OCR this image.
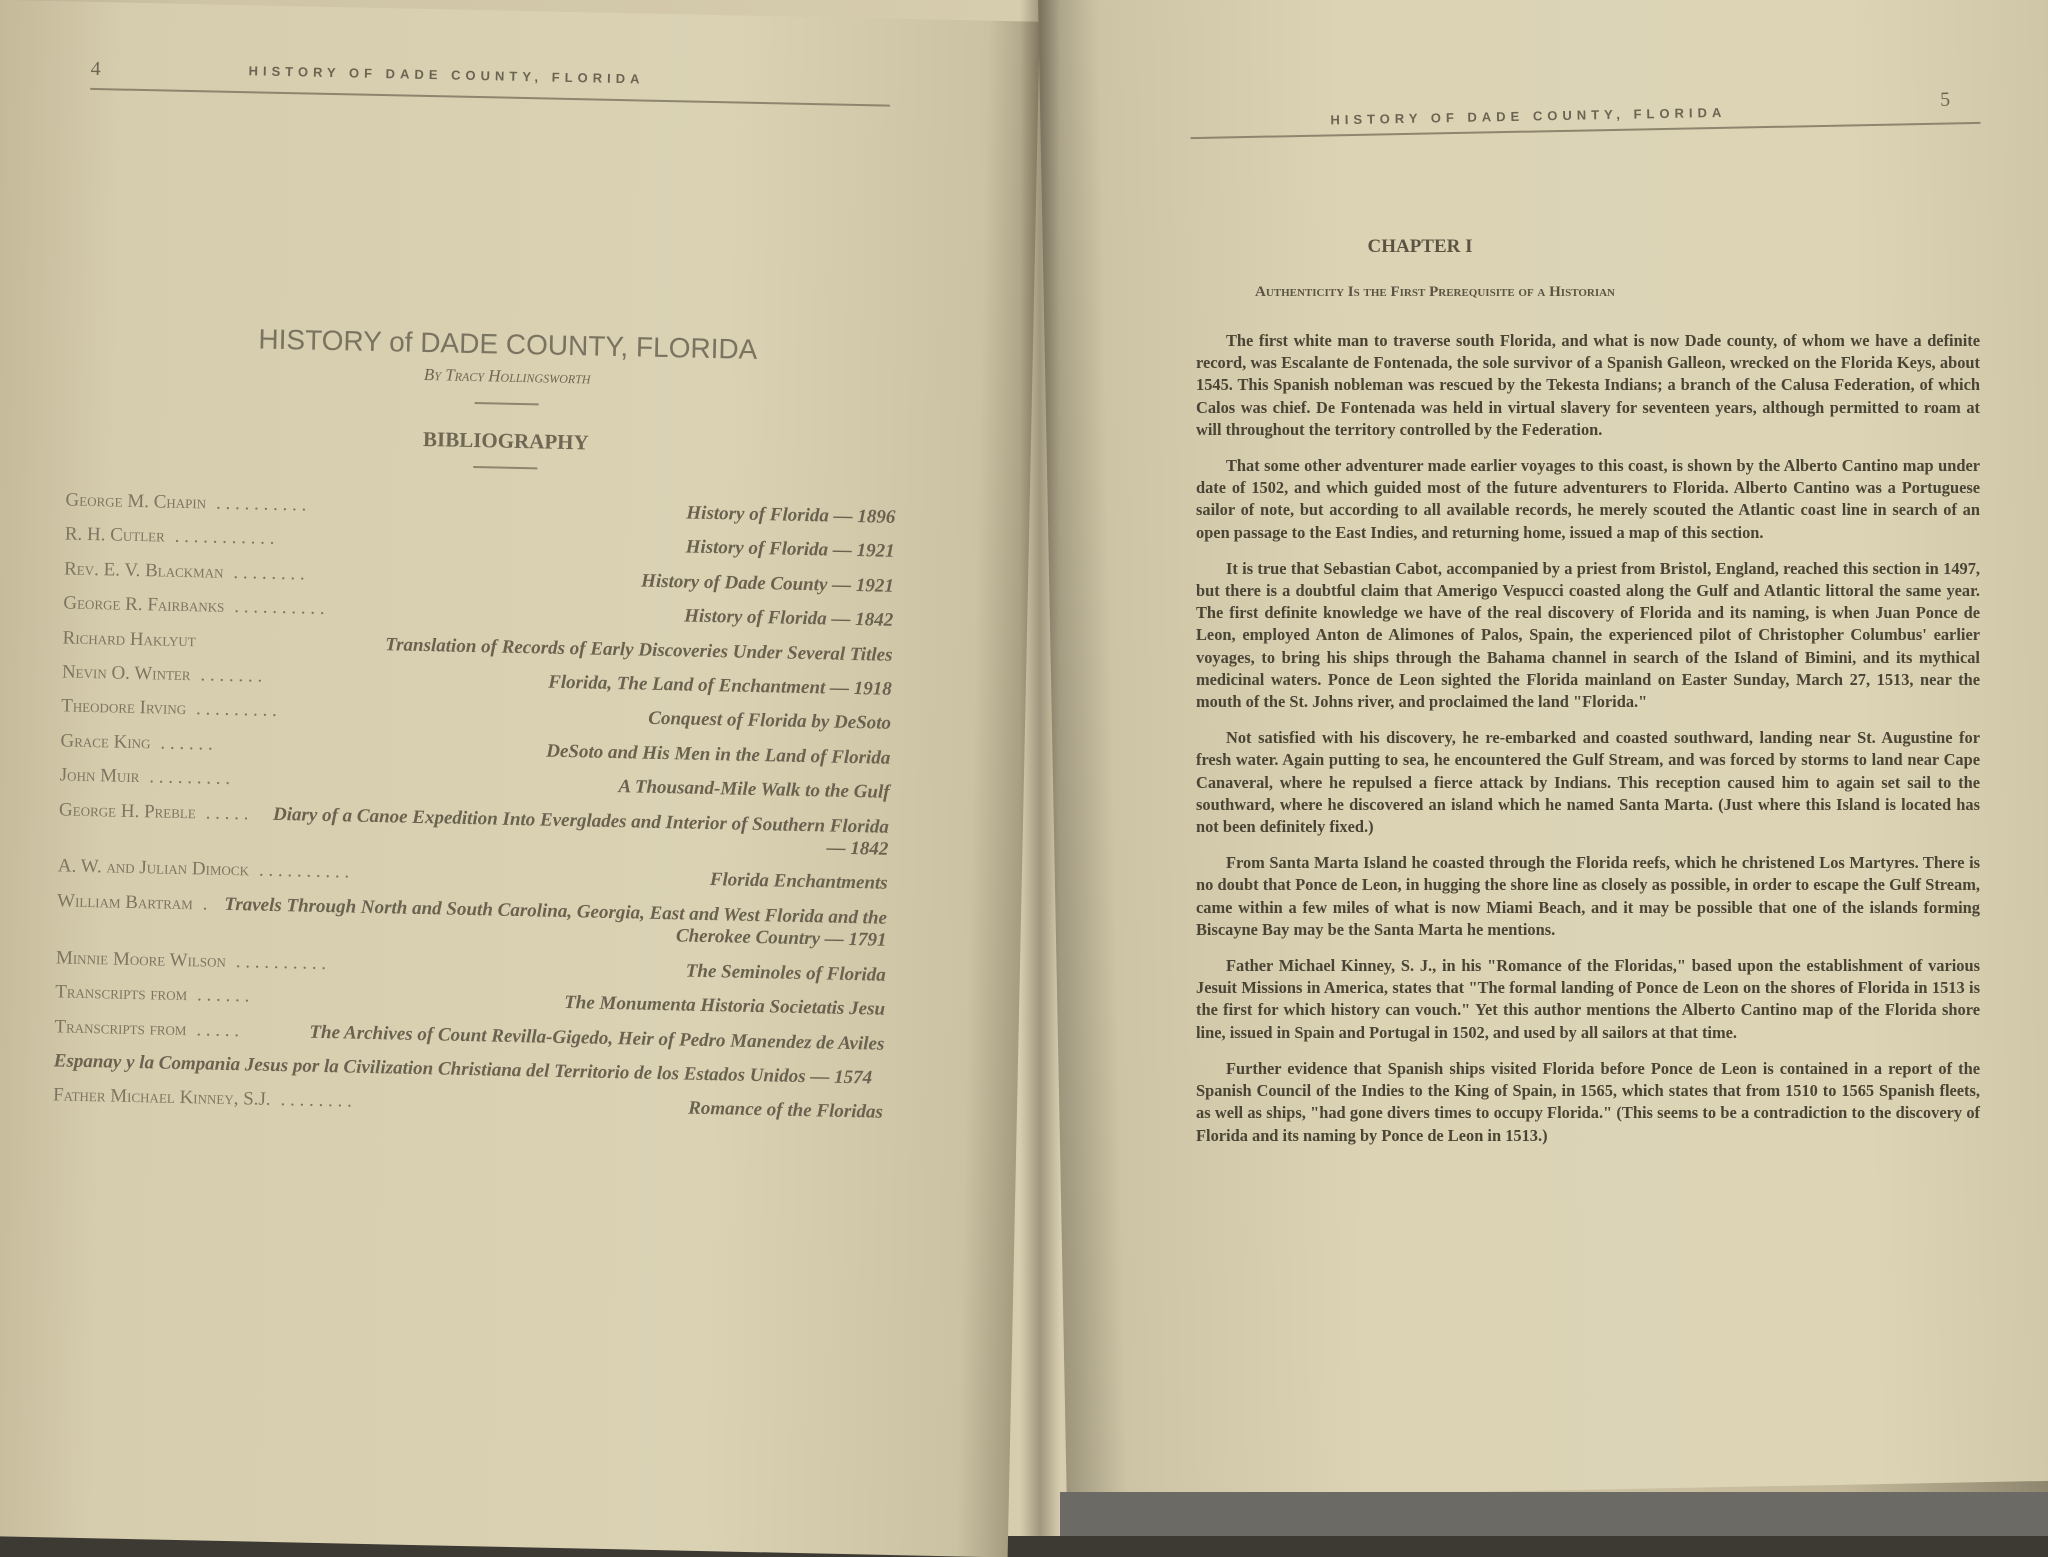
4	HISTORY OF DADE COUNTY, FLORIDA
HISTORY of DADE COUNTY, FLORIDA
By Tracy Hollingsworth
BIBLIOGRAPHY
George M. Chapin . . . . . . . . . .	History of Florida — 1896
R. H. Cutler . . . . . . . . . . .	History of Florida — 1921
Rev. E. V. Blackman . . . . . . . .	History of Dade County — 1921
George R. Fairbanks . . . . . . . . . .	History of Florida — 1842
Richard Haklyut	Translation of Records of Early Discoveries Under Several Titles
Nevin O. Winter . . . . . . .	Florida, The Land of Enchantment — 1918
Theodore Irving . . . . . . . . .	Conquest of Florida by DeSoto
Grace King . . . . . .	DeSoto and His Men in the Land of Florida
John Muir . . . . . . . . .	A Thousand-Mile Walk to the Gulf
George H. Preble . . . . .	Diary of a Canoe Expedition Into Everglades and Interior of Southern Florida — 1842
A. W. and Julian Dimock . . . . . . . . . .	Florida Enchantments
William Bartram . Travels Through North and South Carolina, Georgia, East and West Florida and the Cherokee Country — 1791
Minnie Moore Wilson . . . . . . . . . .	The Seminoles of Florida
Transcripts from . . . . . .	The Monumenta Historia Societatis Jesu
Transcripts from . . . . .	The Archives of Count Revilla-Gigedo, Heir of Pedro Manendez de Aviles
Espanay y la Compania Jesus por la Civilization Christiana del Territorio de los Estados Unidos — 1574
Father Michael Kinney, S.J. . . . . . . . .	Romance of the Floridas
HISTORY OF DADE COUNTY, FLORIDA
5
CHAPTER I
Authenticity Is the First Prerequisite of a Historian

The first white man to traverse south Florida, and what is now Dade county, of whom we have a definite record, was Escalante de Fontenada, the sole survivor of a Spanish Galleon, wrecked on the Florida Keys, about 1545. This Spanish nobleman was rescued by the Tekesta Indians; a branch of the Calusa Federation, of which Calos was chief. De Fontenada was held in virtual slavery for seventeen years, although permitted to roam at will throughout the territory controlled by the Federation.

That some other adventurer made earlier voyages to this coast, is shown by the Alberto Cantino map under date of 1502, and which guided most of the future adventurers to Florida. Alberto Cantino was a Portuguese sailor of note, but according to all available records, he merely scouted the Atlantic coast line in search of an open passage to the East Indies, and returning home, issued a map of this section.

It is true that Sebastian Cabot, accompanied by a priest from Bristol, England, reached this section in 1497, but there is a doubtful claim that Amerigo Vespucci coasted along the Gulf and Atlantic littoral the same year. The first definite knowledge we have of the real discovery of Florida and its naming, is when Juan Ponce de Leon, employed Anton de Alimones of Palos, Spain, the experienced pilot of Christopher Columbus' earlier voyages, to bring his ships through the Bahama channel in search of the Island of Bimini, and its mythical medicinal waters. Ponce de Leon sighted the Florida mainland on Easter Sunday, March 27, 1513, near the mouth of the St. Johns river, and proclaimed the land "Florida."

Not satisfied with his discovery, he re-embarked and coasted southward, landing near St. Augustine for fresh water. Again putting to sea, he encountered the Gulf Stream, and was forced by storms to land near Cape Canaveral, where he repulsed a fierce attack by Indians. This reception caused him to again set sail to the southward, where he discovered an island which he named Santa Marta. (Just where this Island is located has not been definitely fixed.)

From Santa Marta Island he coasted through the Florida reefs, which he christened Los Martyres. There is no doubt that Ponce de Leon, in hugging the shore line as closely as possible, in order to escape the Gulf Stream, came within a few miles of what is now Miami Beach, and it may be possible that one of the islands forming Biscayne Bay may be the Santa Marta he mentions.

Father Michael Kinney, S. J., in his "Romance of the Floridas," based upon the establishment of various Jesuit Missions in America, states that "The formal landing of Ponce de Leon on the shores of Florida in 1513 is the first for which history can vouch." Yet this author mentions the Alberto Cantino map of the Florida shore line, issued in Spain and Portugal in 1502, and used by all sailors at that time.

Further evidence that Spanish ships visited Florida before Ponce de Leon is contained in a report of the Spanish Council of the Indies to the King of Spain, in 1565, which states that from 1510 to 1565 Spanish fleets, as well as ships, "had gone divers times to occupy Florida." (This seems to be a contradiction to the discovery of Florida and its naming by Ponce de Leon in 1513.)
